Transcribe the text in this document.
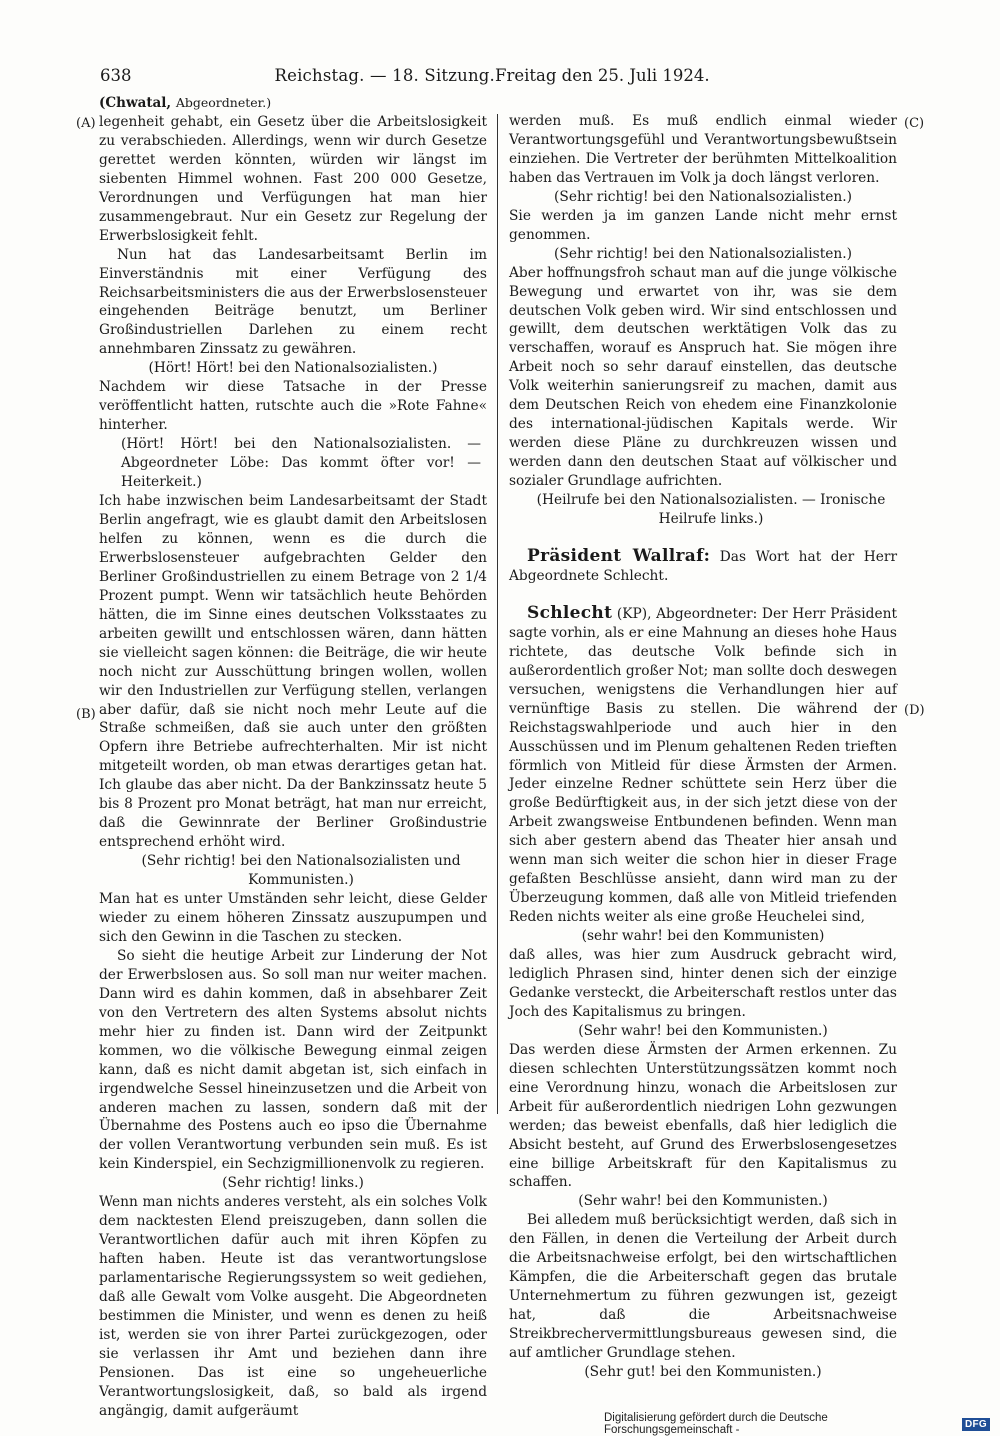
638	Reichstag. — 18. Sitzung. Freitag den 25. Juli 1924.
(A)
(B)
(C)
(D)

(Chwatal, Abgeordneter.)

legenheit gehabt, ein Gesetz über die Arbeitslosigkeit zu verabschieden. Allerdings, wenn wir durch Gesetze gerettet werden könnten, würden wir längst im siebenten Himmel wohnen. Fast 200 000 Gesetze, Verordnungen und Verfügungen hat man hier zusammengebraut. Nur ein Gesetz zur Regelung der Erwerbslosigkeit fehlt.

Nun hat das Landesarbeitsamt Berlin im Einverständnis mit einer Verfügung des Reichsarbeitsministers die aus der Erwerbslosensteuer eingehenden Beiträge benutzt, um Berliner Großindustriellen Darlehen zu einem recht annehmbaren Zinssatz zu gewähren.

(Hört! Hört! bei den Nationalsozialisten.)

Nachdem wir diese Tatsache in der Presse veröffentlicht hatten, rutschte auch die »Rote Fahne« hinterher.

(Hört! Hört! bei den Nationalsozialisten. — Abgeordneter Löbe: Das kommt öfter vor! — Heiterkeit.)

Ich habe inzwischen beim Landesarbeitsamt der Stadt Berlin angefragt, wie es glaubt damit den Arbeitslosen helfen zu können, wenn es die durch die Erwerbslosensteuer aufgebrachten Gelder den Berliner Großindustriellen zu einem Betrage von 2 1/4 Prozent pumpt. Wenn wir tatsächlich heute Behörden hätten, die im Sinne eines deutschen Volksstaates zu arbeiten gewillt und entschlossen wären, dann hätten sie vielleicht sagen können: die Beiträge, die wir heute noch nicht zur Ausschüttung bringen wollen, wollen wir den Industriellen zur Verfügung stellen, verlangen aber dafür, daß sie nicht noch mehr Leute auf die Straße schmeißen, daß sie auch unter den größten Opfern ihre Betriebe aufrechterhalten. Mir ist nicht mitgeteilt worden, ob man etwas derartiges getan hat. Ich glaube das aber nicht. Da der Bankzinssatz heute 5 bis 8 Prozent pro Monat beträgt, hat man nur erreicht, daß die Gewinnrate der Berliner Großindustrie entsprechend erhöht wird.

(Sehr richtig! bei den Nationalsozialisten und Kommunisten.)

Man hat es unter Umständen sehr leicht, diese Gelder wieder zu einem höheren Zinssatz auszupumpen und sich den Gewinn in die Taschen zu stecken.

So sieht die heutige Arbeit zur Linderung der Not der Erwerbslosen aus. So soll man nur weiter machen. Dann wird es dahin kommen, daß in absehbarer Zeit von den Vertretern des alten Systems absolut nichts mehr hier zu finden ist. Dann wird der Zeitpunkt kommen, wo die völkische Bewegung einmal zeigen kann, daß es nicht damit abgetan ist, sich einfach in irgendwelche Sessel hineinzusetzen und die Arbeit von anderen machen zu lassen, sondern daß mit der Übernahme des Postens auch eo ipso die Übernahme der vollen Verantwortung verbunden sein muß. Es ist kein Kinderspiel, ein Sechzigmillionenvolk zu regieren.

(Sehr richtig! links.)

Wenn man nichts anderes versteht, als ein solches Volk dem nacktesten Elend preiszugeben, dann sollen die Verantwortlichen dafür auch mit ihren Köpfen zu haften haben. Heute ist das verantwortungslose parlamentarische Regierungssystem so weit gediehen, daß alle Gewalt vom Volke ausgeht. Die Abgeordneten bestimmen die Minister, und wenn es denen zu heiß ist, werden sie von ihrer Partei zurückgezogen, oder sie verlassen ihr Amt und beziehen dann ihre Pensionen. Das ist eine so ungeheuerliche Verantwortungslosigkeit, daß, so bald als irgend angängig, damit aufgeräumt

werden muß. Es muß endlich einmal wieder Verantwortungsgefühl und Verantwortungsbewußtsein einziehen. Die Vertreter der berühmten Mittelkoalition haben das Vertrauen im Volk ja doch längst verloren.

(Sehr richtig! bei den Nationalsozialisten.)

Sie werden ja im ganzen Lande nicht mehr ernst genommen.

(Sehr richtig! bei den Nationalsozialisten.)

Aber hoffnungsfroh schaut man auf die junge völkische Bewegung und erwartet von ihr, was sie dem deutschen Volk geben wird. Wir sind entschlossen und gewillt, dem deutschen werktätigen Volk das zu verschaffen, worauf es Anspruch hat. Sie mögen ihre Arbeit noch so sehr darauf einstellen, das deutsche Volk weiterhin sanierungsreif zu machen, damit aus dem Deutschen Reich von ehedem eine Finanzkolonie des international-jüdischen Kapitals werde. Wir werden diese Pläne zu durchkreuzen wissen und werden dann den deutschen Staat auf völkischer und sozialer Grundlage aufrichten.

(Heilrufe bei den Nationalsozialisten. — Ironische Heilrufe links.)

Präsident Wallraf: Das Wort hat der Herr Abgeordnete Schlecht.

Schlecht (KP), Abgeordneter: Der Herr Präsident sagte vorhin, als er eine Mahnung an dieses hohe Haus richtete, das deutsche Volk befinde sich in außerordentlich großer Not; man sollte doch deswegen versuchen, wenigstens die Verhandlungen hier auf vernünftige Basis zu stellen. Die während der Reichstagswahlperiode und auch hier in den Ausschüssen und im Plenum gehaltenen Reden trieften förmlich von Mitleid für diese Ärmsten der Armen. Jeder einzelne Redner schüttete sein Herz über die große Bedürftigkeit aus, in der sich jetzt diese von der Arbeit zwangsweise Entbundenen befinden. Wenn man sich aber gestern abend das Theater hier ansah und wenn man sich weiter die schon hier in dieser Frage gefaßten Beschlüsse ansieht, dann wird man zu der Überzeugung kommen, daß alle von Mitleid triefenden Reden nichts weiter als eine große Heuchelei sind,

(sehr wahr! bei den Kommunisten)

daß alles, was hier zum Ausdruck gebracht wird, lediglich Phrasen sind, hinter denen sich der einzige Gedanke versteckt, die Arbeiterschaft restlos unter das Joch des Kapitalismus zu bringen.

(Sehr wahr! bei den Kommunisten.)

Das werden diese Ärmsten der Armen erkennen. Zu diesen schlechten Unterstützungssätzen kommt noch eine Verordnung hinzu, wonach die Arbeitslosen zur Arbeit für außerordentlich niedrigen Lohn gezwungen werden; das beweist ebenfalls, daß hier lediglich die Absicht besteht, auf Grund des Erwerbslosengesetzes eine billige Arbeitskraft für den Kapitalismus zu schaffen.

(Sehr wahr! bei den Kommunisten.)

Bei alledem muß berücksichtigt werden, daß sich in den Fällen, in denen die Verteilung der Arbeit durch die Arbeitsnachweise erfolgt, bei den wirtschaftlichen Kämpfen, die die Arbeiterschaft gegen das brutale Unternehmertum zu führen gezwungen ist, gezeigt hat, daß die Arbeitsnachweise Streikbrechervermittlungsbureaus gewesen sind, die auf amtlicher Grundlage stehen.

(Sehr gut! bei den Kommunisten.)

Digitalisierung gefördert durch die Deutsche Forschungsgemeinschaft -	DFG
